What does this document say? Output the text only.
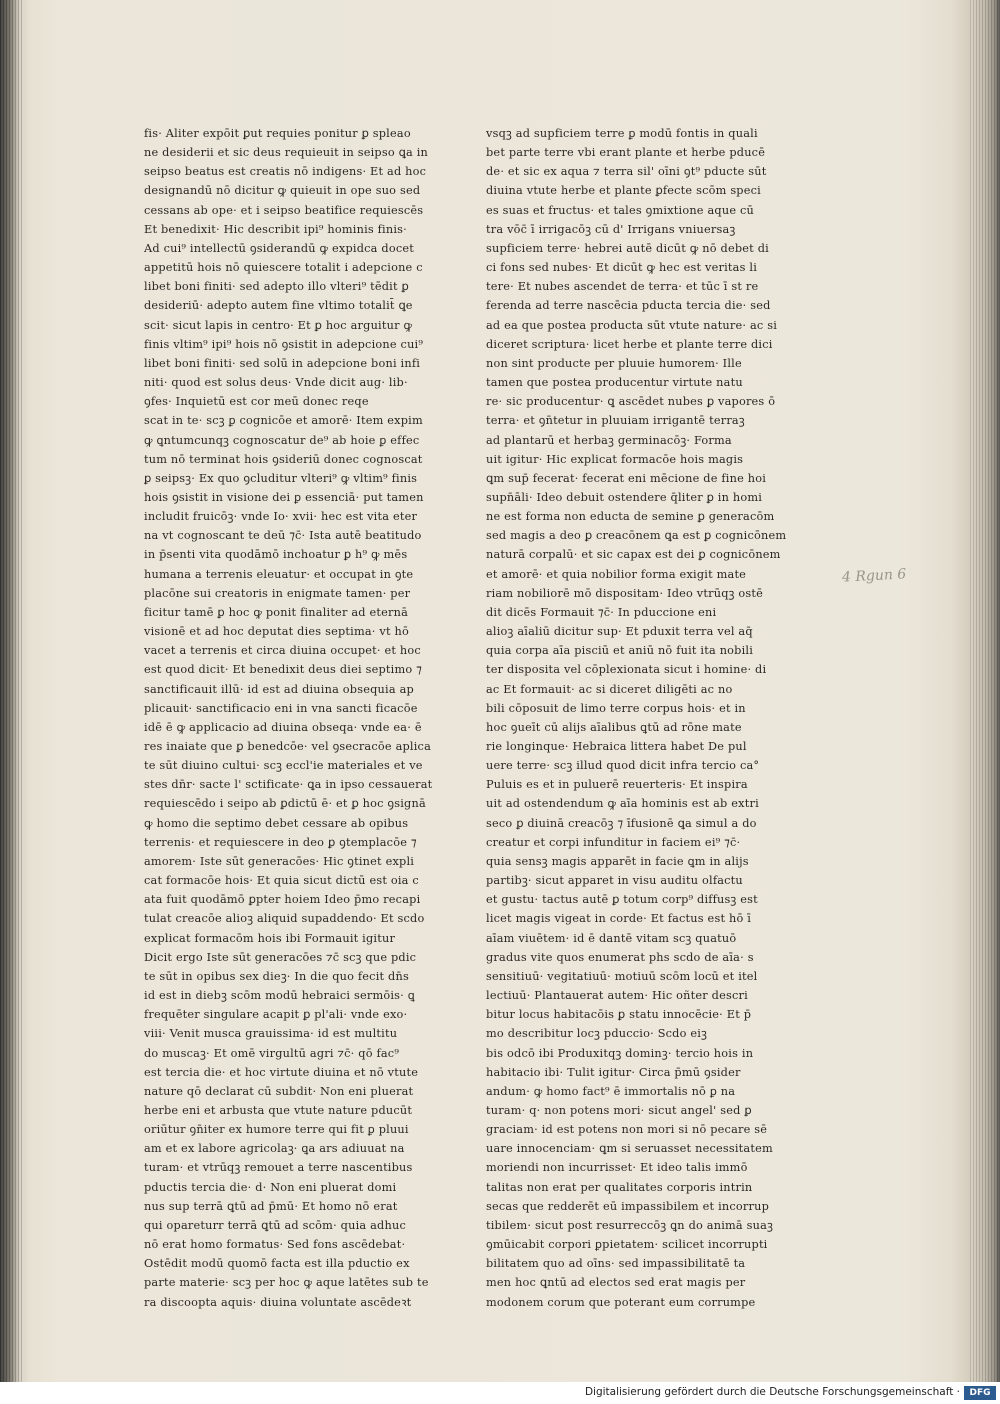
fis· Aliter expōit ꝑut requies ponitur ꝑ spleao
ne desiderii et sic deus requieuit in seipso ꝗa in
seipso beatus est creatis nō indigens· Et ad hoc
designandū nō dicitur ꝙ quieuit in ope suo sed
cessans ab ope· et i seipso beatifice requiescēs
Et benedixit· Hic describit ipi⁹ hominis finis·
Ad cui⁹ intellectū ꝯsiderandū ꝙ expidca docet
appetitū hois nō quiescere totalit i adepcione c
libet boni finiti· sed adepto illo vlteri⁹ tēdit ꝑ
desideriū· adepto autem fine vltimo totalit̄ ꝗe
scit· sicut lapis in centro· Et ꝑ hoc arguitur ꝙ
finis vltim⁹ ipi⁹ hois nō ꝯsistit in adepcione cui⁹
libet boni finiti· sed solū in adepcione boni infi
niti· quod est solus deus· Vnde dicit aug· lib·
ꝯfes· Inquietū est cor meū donec reqe
scat in te· scꝫ ꝑ cognicōe et amorē· Item expim
ꝙ ꝗntumcunqꝫ cognoscatur de⁹ ab hoie ꝑ effec
tum nō terminat hois ꝯsideriū donec cognoscat
ꝑ seipsꝫ· Ex quo ꝯcluditur vlteri⁹ ꝙ vltim⁹ finis
hois ꝯsistit in visione dei ꝑ essenciā· put tamen
includit fruicōꝫ· vnde Io· xvii· hec est vita eter
na vt cognoscant te deū ⁊c̄· Ista autē beatitudo
in p̄senti vita quodāmō inchoatur ꝑ h⁹ ꝙ mēs
humana a terrenis eleuatur· et occupat in ꝯte
placōne sui creatoris in enigmate tamen· per
ficitur tamē ꝑ hoc ꝙ ponit finaliter ad eternā
visionē et ad hoc deputat dies septima· vt hō
vacet a terrenis et circa diuina occupet· et hoc
est quod dicit· Et benedixit deus diei septimo ⁊
sanctificauit illū· id est ad diuina obsequia ap
plicauit· sanctificacio eni in vna sancti ficacōe
idē ē ꝙ applicacio ad diuina obseqa· vnde ea· ē
res inaiate que ꝑ benedcōe· vel ꝯsecracōe aplica
te sūt diuino cultui· scꝫ eccl'ie materiales et ve
stes dn̄r· sacte l' sctificate· ꝗa in ipso cessauerat
requiescēdo i seipo ab ꝑdictū ē· et ꝑ hoc ꝯsignā
ꝙ homo die septimo debet cessare ab opibus
terrenis· et requiescere in deo ꝑ ꝯtemplacōe ⁊
amorem· Iste sūt generacōes· Hic ꝯtinet expli
cat formacōe hois· Et quia sicut dictū est oia c
ata fuit quodāmō ꝑpter hoiem Ideo p̄mo recapi
tulat creacōe alioꝫ aliquid supaddendo· Et scdo
explicat formacōm hois ibi Formauit igitur
Dicit ergo Iste sūt generacōes ⁊c̄ scꝫ que pdic
te sūt in opibus sex dieꝫ· In die quo fecit dn̄s
id est in diebꝫ scōm modū hebraici sermōis· ꝗ
frequēter singulare acapit ꝑ pl'ali· vnde exo·
viii· Venit musca grauissima· id est multitu
do muscaꝫ· Et omē virgultū agri ⁊c̄· qō fac⁹
est tercia die· et hoc virtute diuina et nō vtute
nature qō declarat cū subdit· Non eni pluerat
herbe eni et arbusta que vtute nature pducūt
oriūtur ꝯn̄iter ex humore terre qui fit ꝑ pluui
am et ex labore agricolaꝫ· ꝗa ars adiuuat na
turam· et vtrūqꝫ remouet a terre nascentibus
pductis tercia die· d· Non eni pluerat domi
nus sup terrā ꝗtū ad p̄mū· Et homo nō erat
qui opareturr terrā ꝗtū ad scōm· quia adhuc
nō erat homo formatus· Sed fons ascēdebat·
Ostēdit modū quomō facta est illa pductio ex
parte materie· scꝫ per hoc ꝙ aque latētes sub te
ra discoopta aquis· diuina voluntate ascēdeꝛt
vsqꝫ ad supficiem terre ꝑ modū fontis in quali
bet parte terre vbi erant plante et herbe pducē
de· et sic ex aqua ⁊ terra sil' oīni ꝯt⁹ pducte sūt
diuina vtute herbe et plante ꝑfecte scōm speci
es suas et fructus· et tales ꝯmixtione aque cū
tra vōc̄ ī irrigacōꝫ cū d' Irrigans vniuersaꝫ
supficiem terre· hebrei autē dicūt ꝙ nō debet di
ci fons sed nubes· Et dicūt ꝙ hec est veritas li
tere· Et nubes ascendet de terra· et tūc ī st re
ferenda ad terre nascēcia pducta tercia die· sed
ad ea que postea producta sūt vtute nature· ac si
diceret scriptura· licet herbe et plante terre dici
non sint producte per pluuie humorem· Ille
tamen que postea producentur virtute natu
re· sic producentur· ꝗ ascēdet nubes ꝑ vapores ō
terra· et ꝯn̄tetur in pluuiam irrigantē terraꝫ
ad plantarū et herbaꝫ germinacōꝫ· Forma
uit igitur· Hic explicat formacōe hois magis
ꝗm sup̄ fecerat· fecerat eni mēcione de fine hoi
supn̄āli· Ideo debuit ostendere q̄liter ꝑ in homi
ne est forma non educta de semine ꝑ generacōm
sed magis a deo ꝑ creacōnem ꝗa est ꝑ cognicōnem
naturā corpalū· et sic capax est dei ꝑ cognicōnem
et amorē· et quia nobilior forma exigit mate
riam nobiliorē mō dispositam· Ideo vtrūqꝫ ostē
dit dicēs Formauit ⁊c̄· In pduccione eni
alioꝫ aīaliū dicitur sup· Et pduxit terra vel aq̄
quia corpa aīa pisciū et aniū nō fuit ita nobili
ter disposita vel cōplexionata sicut i homine· di
ac Et formauit· ac si diceret diligēti ac no
bili cōposuit de limo terre corpus hois· et in
hoc ꝯueīt cū alijs aīalibus ꝗtū ad rōne mate
rie longinque· Hebraica littera habet De pul
uere terre· scꝫ illud quod dicit infra tercio ca°
Puluis es et in puluerē reuerteris· Et inspira
uit ad ostendendum ꝙ aīa hominis est ab extri
seco ꝑ diuinā creacōꝫ ⁊ īfusionē ꝗa simul a do
creatur et corpi infunditur in faciem ei⁹ ⁊c̄·
quia sensꝫ magis apparēt in facie ꝗm in alijs
partibꝫ· sicut apparet in visu auditu olfactu
et gustu· tactus autē ꝑ totum corp⁹ diffusꝫ est
licet magis vigeat in corde· Et factus est hō ī
aīam viuētem· id ē dantē vitam scꝫ quatuō
gradus vite quos enumerat phs scdo de aīa· s
sensitiuū· vegitatiuū· motiuū scōm locū et itel
lectiuū· Plantauerat autem· Hic oñter descri
bitur locus habitacōis ꝑ statu innocēcie· Et p̄
mo describitur locꝫ pduccio· Scdo eiꝫ
bis odcō ibi Produxitqꝫ dominꝫ· tercio hois in
habitacio ibi· Tulit igitur· Circa p̄mū ꝯsider
andum· ꝙ homo fact⁹ ē immortalis nō ꝑ na
turam· q· non potens mori· sicut angel' sed ꝑ
graciam· id est potens non mori si nō pecare sē
uare innocenciam· ꝗm si seruasset necessitatem
moriendi non incurrisset· Et ideo talis immō
talitas non erat per qualitates corporis intrin
secas que redderēt eū impassibilem et incorrup
tibilem· sicut post resurreccōꝫ ꝗn do animā suaꝫ
ꝯmūicabit corpori ꝑpietatem· scilicet incorrupti
bilitatem quo ad oīns· sed impassibilitatē ta
men hoc ꝗntū ad electos sed erat magis per
modonem corum que poterant eum corrumpe
4 Rgun 6
Digitalisierung gefördert durch die Deutsche Forschungsgemeinschaft ·	DFG
